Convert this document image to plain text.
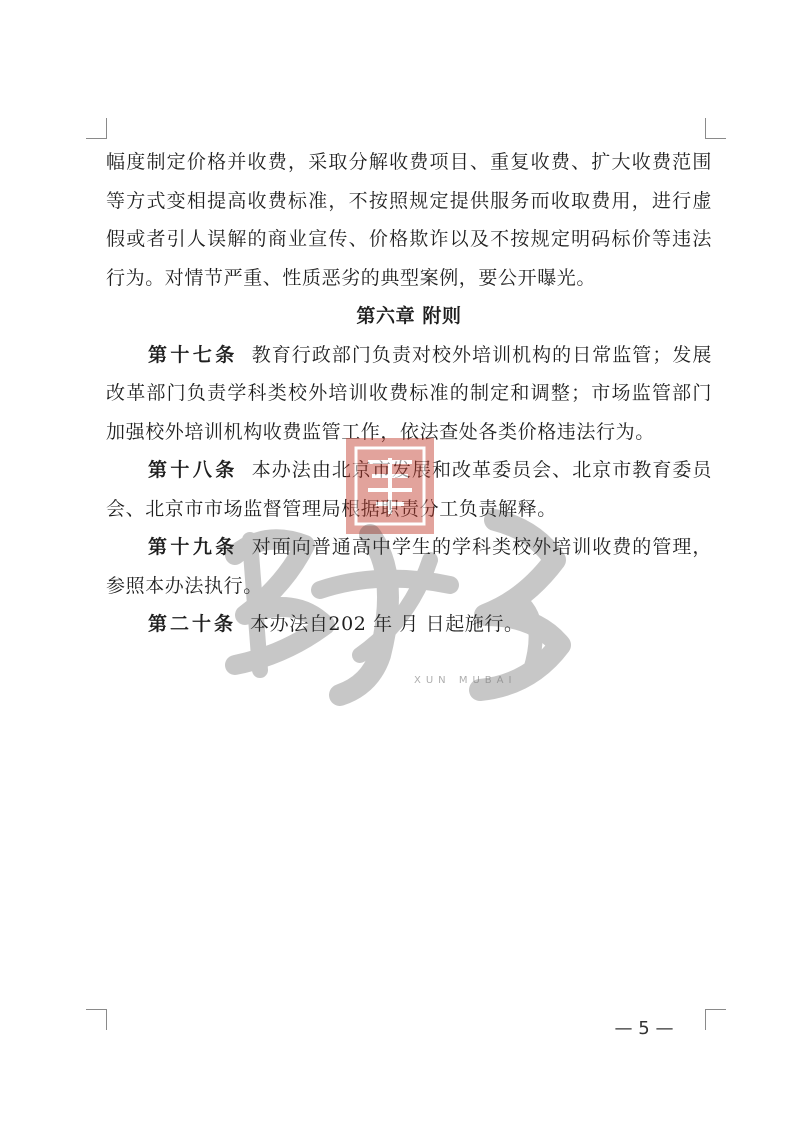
幅度制定价格并收费，采取分解收费项目、重复收费、扩大收费范围等方式变相提高收费标准，不按照规定提供服务而收取费用，进行虚假或者引人误解的商业宣传、价格欺诈以及不按规定明码标价等违法行为。对情节严重、性质恶劣的典型案例，要公开曝光。

第六章 附则

第十七条 教育行政部门负责对校外培训机构的日常监管；发展改革部门负责学科类校外培训收费标准的制定和调整；市场监管部门加强校外培训机构收费监管工作，依法查处各类价格违法行为。

第十八条 本办法由北京市发展和改革委员会、北京市教育委员会、北京市市场监督管理局根据职责分工负责解释。

第十九条 对面向普通高中学生的学科类校外培训收费的管理，参照本办法执行。

第二十条 本办法自202 年 月 日起施行。

— 5 —
XUN MUBAI
